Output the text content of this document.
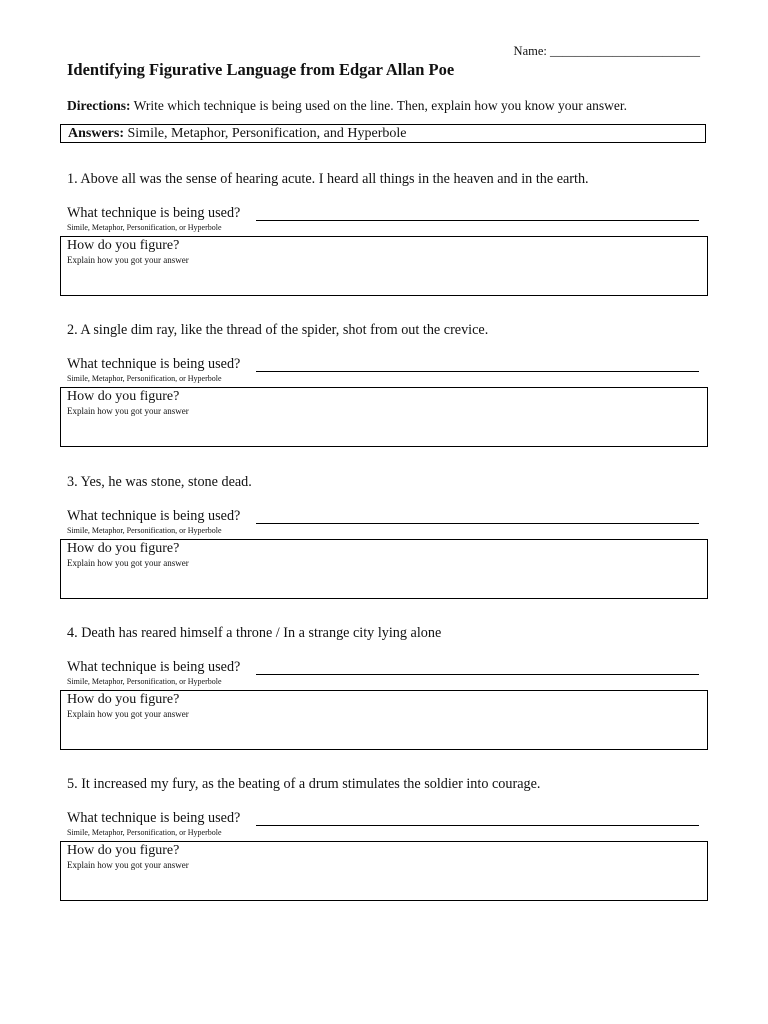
Name: ________________________
Identifying Figurative Language from Edgar Allan Poe
Directions: Write which technique is being used on the line. Then, explain how you know your answer.
Answers: Simile, Metaphor, Personification, and Hyperbole
1. Above all was the sense of hearing acute. I heard all things in the heaven and in the earth.
What technique is being used?
Simile, Metaphor, Personification, or Hyperbole
How do you figure?
Explain how you got your answer
2. A single dim ray, like the thread of the spider, shot from out the crevice.
What technique is being used?
Simile, Metaphor, Personification, or Hyperbole
How do you figure?
Explain how you got your answer
3. Yes, he was stone, stone dead.
What technique is being used?
Simile, Metaphor, Personification, or Hyperbole
How do you figure?
Explain how you got your answer
4. Death has reared himself a throne / In a strange city lying alone
What technique is being used?
Simile, Metaphor, Personification, or Hyperbole
How do you figure?
Explain how you got your answer
5. It increased my fury, as the beating of a drum stimulates the soldier into courage.
What technique is being used?
Simile, Metaphor, Personification, or Hyperbole
How do you figure?
Explain how you got your answer
